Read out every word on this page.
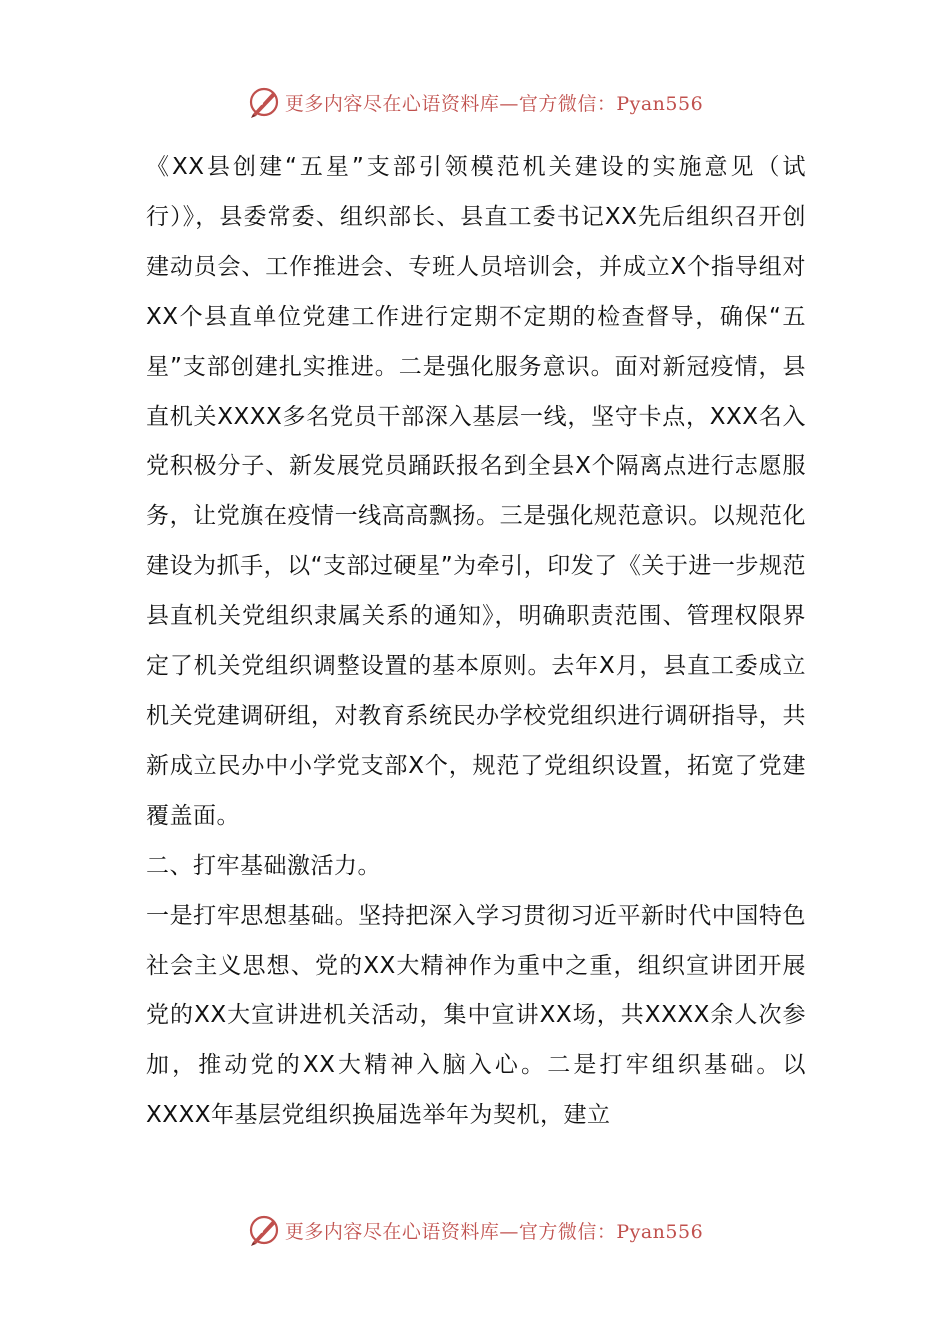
更多内容尽在心语资料库—官方微信：Pyan556

《XX县创建“五星”支部引领模范机关建设的实施意见（试行）》，县委常委、组织部长、县直工委书记XX先后组织召开创建动员会、工作推进会、专班人员培训会，并成立X个指导组对XX个县直单位党建工作进行定期不定期的检查督导，确保“五星”支部创建扎实推进。二是强化服务意识。面对新冠疫情，县直机关XXXX多名党员干部深入基层一线，坚守卡点，XXX名入党积极分子、新发展党员踊跃报名到全县X个隔离点进行志愿服务，让党旗在疫情一线高高飘扬。三是强化规范意识。以规范化建设为抓手，以“支部过硬星”为牵引，印发了《关于进一步规范县直机关党组织隶属关系的通知》，明确职责范围、管理权限界定了机关党组织调整设置的基本原则。去年X月，县直工委成立机关党建调研组，对教育系统民办学校党组织进行调研指导，共新成立民办中小学党支部X个，规范了党组织设置，拓宽了党建覆盖面。

二、打牢基础激活力。

一是打牢思想基础。坚持把深入学习贯彻习近平新时代中国特色社会主义思想、党的XX大精神作为重中之重，组织宣讲团开展党的XX大宣讲进机关活动，集中宣讲XX场，共XXXX余人次参加，推动党的XX大精神入脑入心。二是打牢组织基础。以XXXX年基层党组织换届选举年为契机，建立

更多内容尽在心语资料库—官方微信：Pyan556
